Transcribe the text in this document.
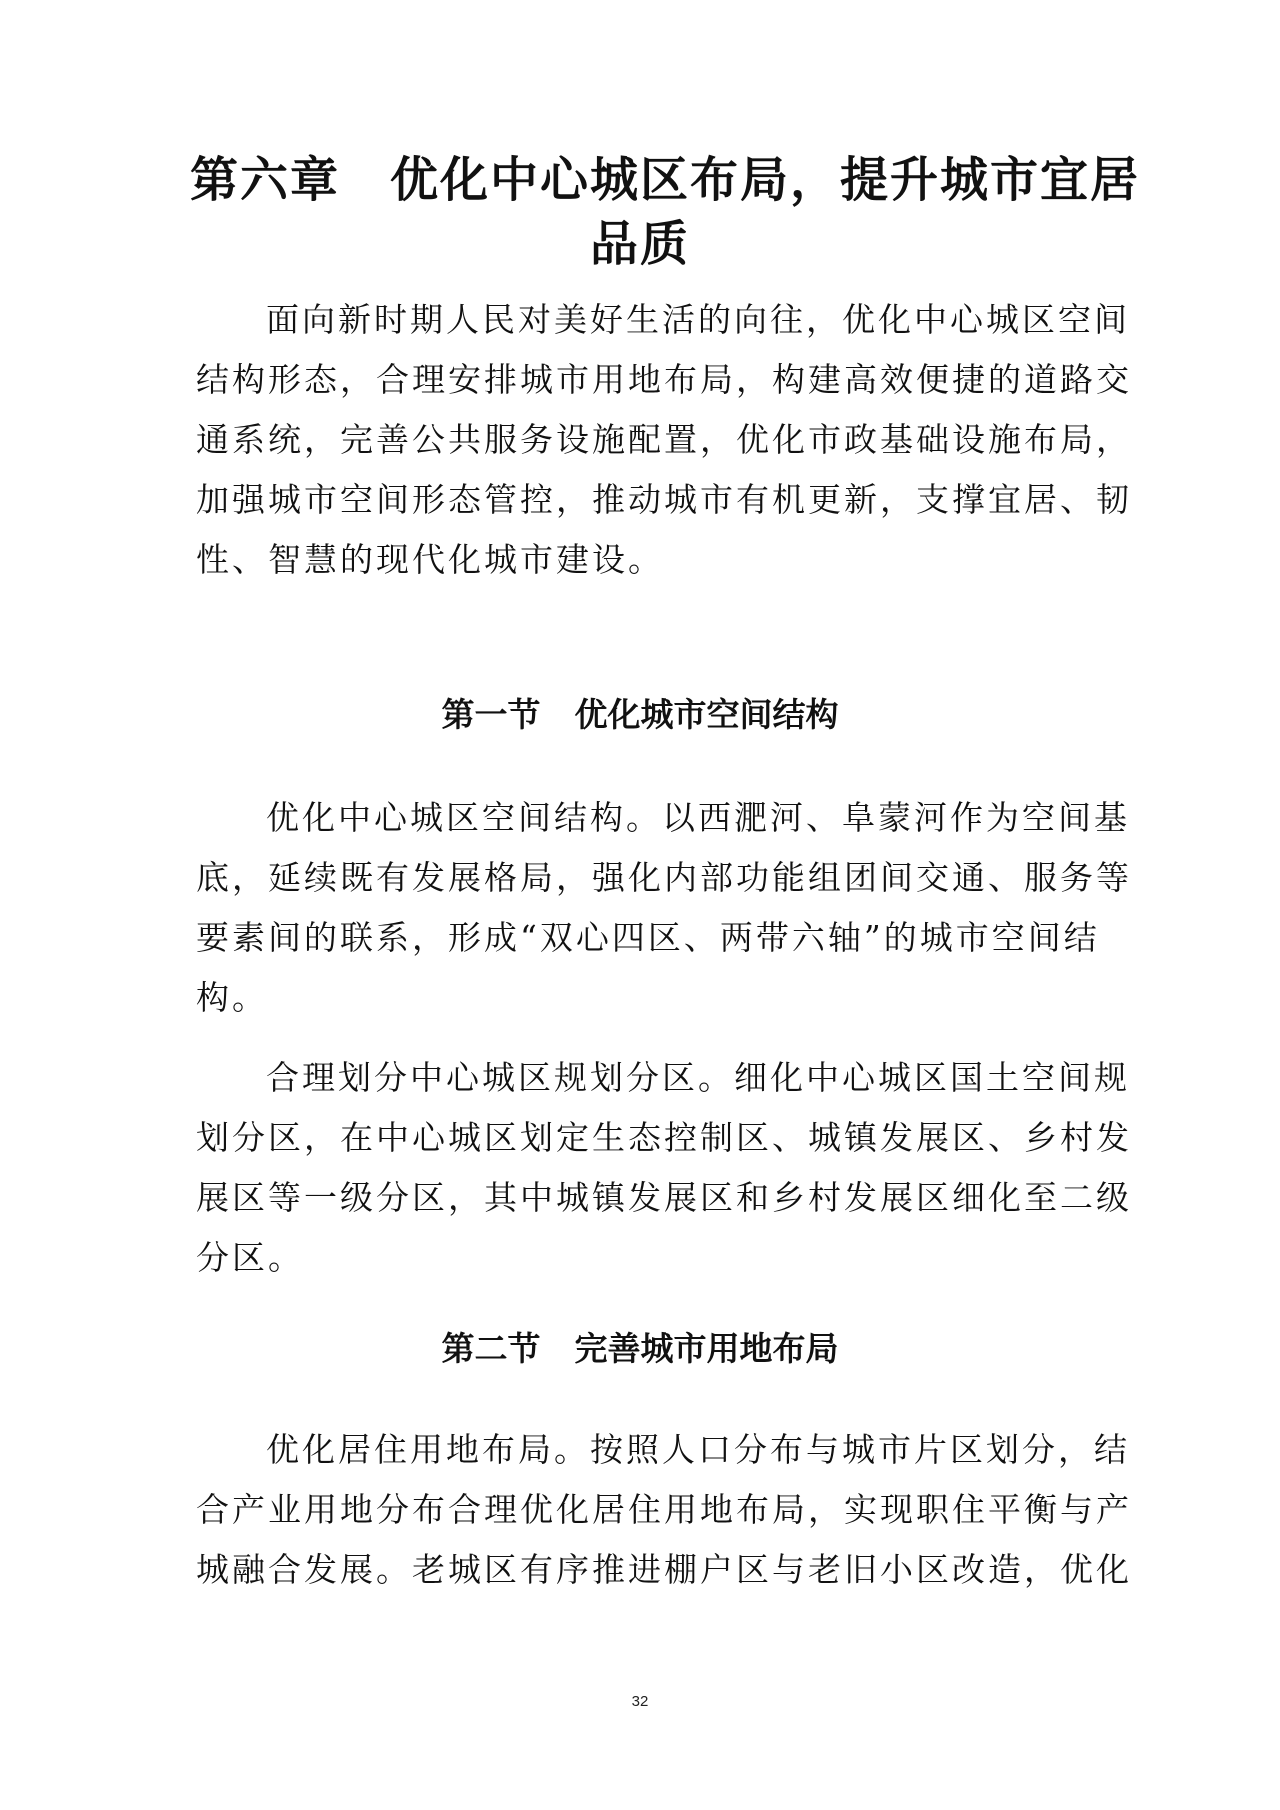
第六章　优化中心城区布局，提升城市宜居
品质

面向新时期人民对美好生活的向往，优化中心城区空间
结构形态，合理安排城市用地布局，构建高效便捷的道路交
通系统，完善公共服务设施配置，优化市政基础设施布局，
加强城市空间形态管控，推动城市有机更新，支撑宜居、韧
性、智慧的现代化城市建设。

第一节 优化城市空间结构

优化中心城区空间结构。以西淝河、阜蒙河作为空间基
底，延续既有发展格局，强化内部功能组团间交通、服务等
要素间的联系，形成“双心四区、两带六轴”的城市空间结
构。

合理划分中心城区规划分区。细化中心城区国土空间规
划分区，在中心城区划定生态控制区、城镇发展区、乡村发
展区等一级分区，其中城镇发展区和乡村发展区细化至二级
分区。

第二节 完善城市用地布局

优化居住用地布局。按照人口分布与城市片区划分，结
合产业用地分布合理优化居住用地布局，实现职住平衡与产
城融合发展。老城区有序推进棚户区与老旧小区改造，优化

32
